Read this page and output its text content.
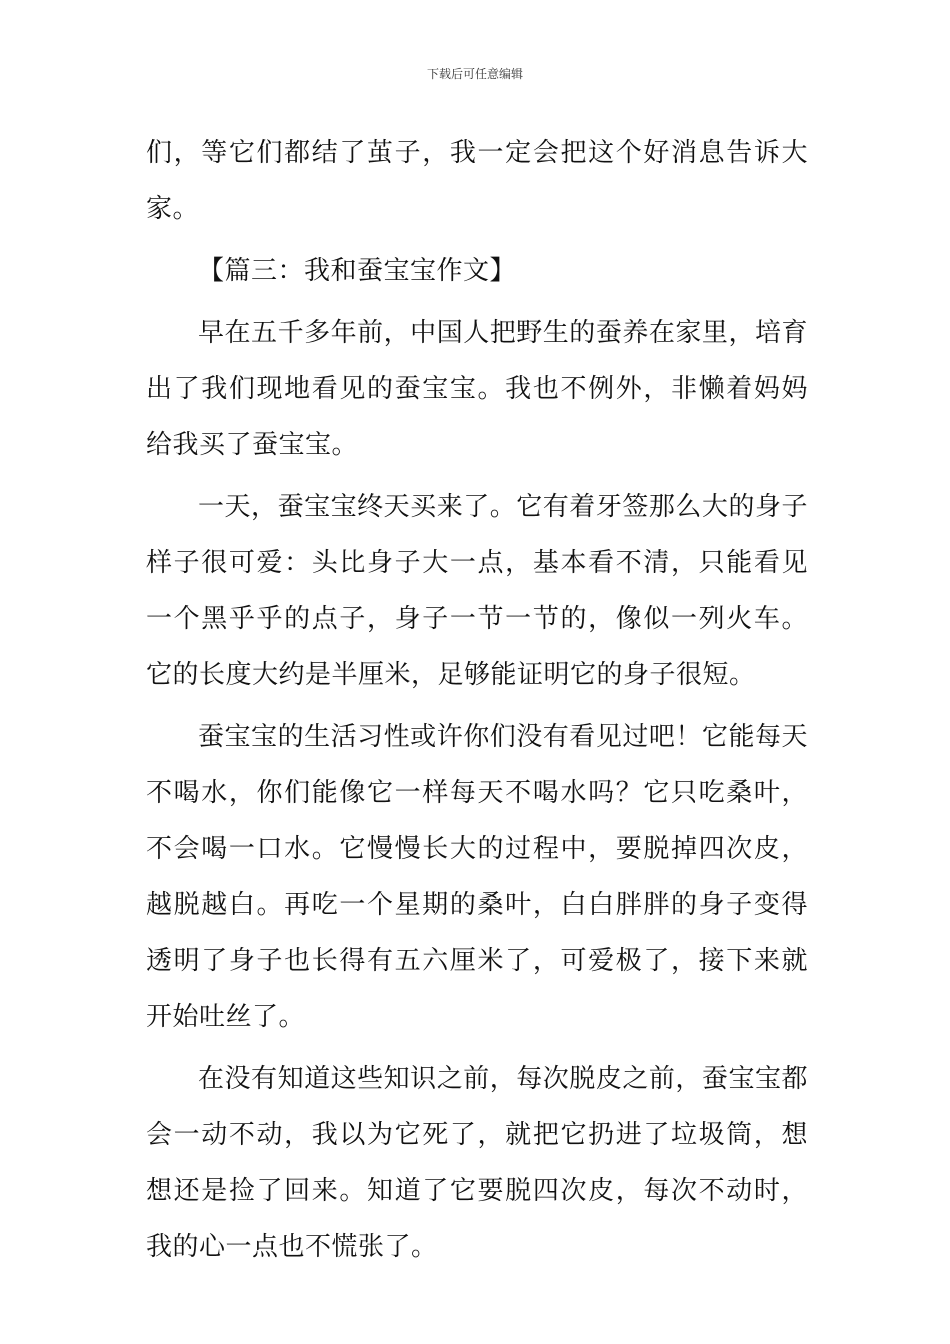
下载后可任意编辑

们，等它们都结了茧子，我一定会把这个好消息告诉大家。

【篇三：我和蚕宝宝作文】

早在五千多年前，中国人把野生的蚕养在家里，培育出了我们现地看见的蚕宝宝。我也不例外，非懒着妈妈给我买了蚕宝宝。

一天，蚕宝宝终天买来了。它有着牙签那么大的身子样子很可爱：头比身子大一点，基本看不清，只能看见一个黑乎乎的点子，身子一节一节的，像似一列火车。它的长度大约是半厘米，足够能证明它的身子很短。

蚕宝宝的生活习性或许你们没有看见过吧！它能每天不喝水，你们能像它一样每天不喝水吗？它只吃桑叶，不会喝一口水。它慢慢长大的过程中，要脱掉四次皮，越脱越白。再吃一个星期的桑叶，白白胖胖的身子变得透明了身子也长得有五六厘米了，可爱极了，接下来就开始吐丝了。

在没有知道这些知识之前，每次脱皮之前，蚕宝宝都会一动不动，我以为它死了，就把它扔进了垃圾筒，想想还是捡了回来。知道了它要脱四次皮，每次不动时，我的心一点也不慌张了。
